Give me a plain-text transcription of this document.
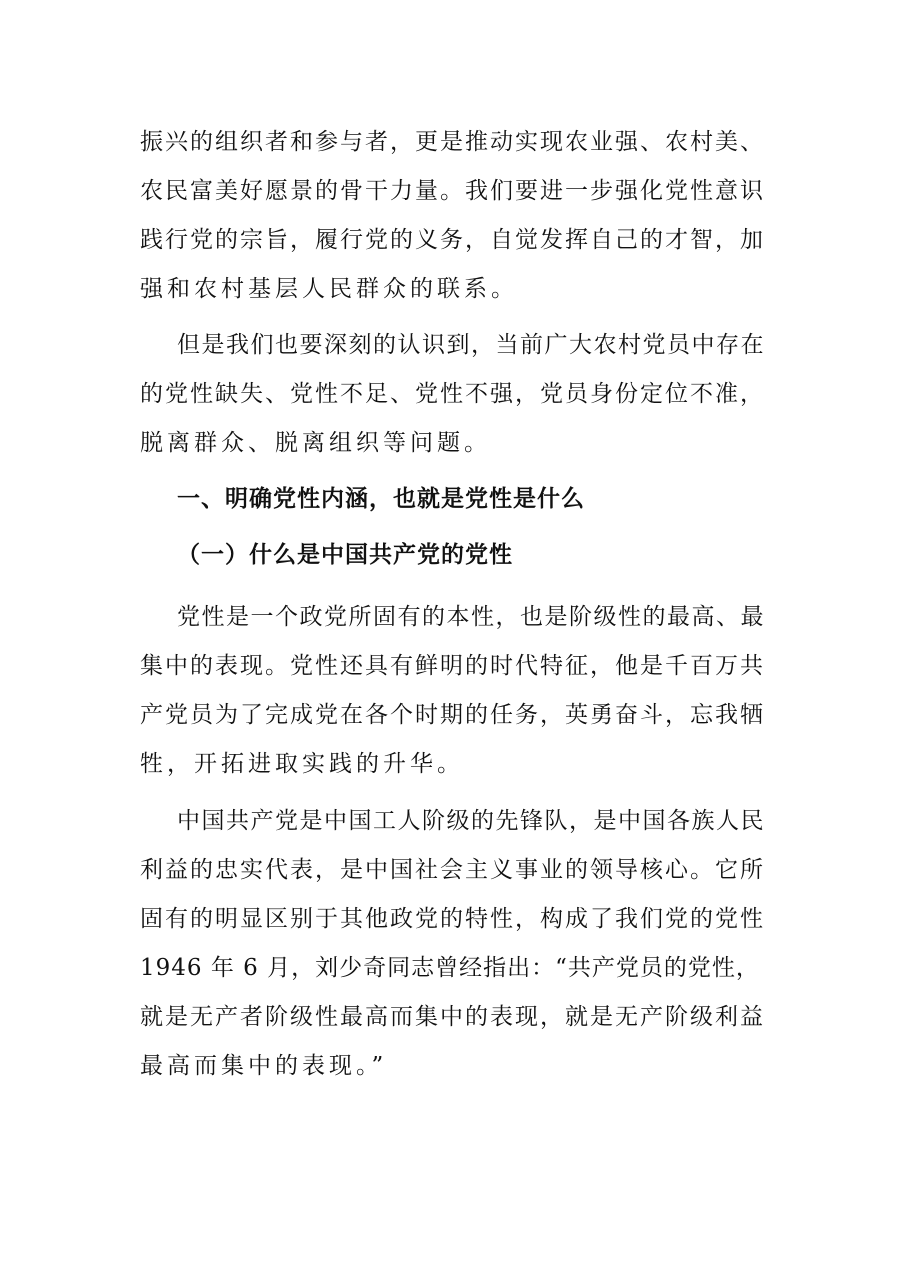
振兴的组织者和参与者，更是推动实现农业强、农村美、
农民富美好愿景的骨干力量。我们要进一步强化党性意识
践行党的宗旨，履行党的义务，自觉发挥自己的才智，加
强和农村基层人民群众的联系。
但是我们也要深刻的认识到，当前广大农村党员中存在
的党性缺失、党性不足、党性不强，党员身份定位不准，
脱离群众、脱离组织等问题。
一、明确党性内涵，也就是党性是什么
（一）什么是中国共产党的党性
党性是一个政党所固有的本性，也是阶级性的最高、最
集中的表现。党性还具有鲜明的时代特征，他是千百万共
产党员为了完成党在各个时期的任务，英勇奋斗，忘我牺
牲，开拓进取实践的升华。
中国共产党是中国工人阶级的先锋队，是中国各族人民
利益的忠实代表，是中国社会主义事业的领导核心。它所
固有的明显区别于其他政党的特性，构成了我们党的党性
1946 年 6 月，刘少奇同志曾经指出：“共产党员的党性，
就是无产者阶级性最高而集中的表现，就是无产阶级利益
最高而集中的表现。”
